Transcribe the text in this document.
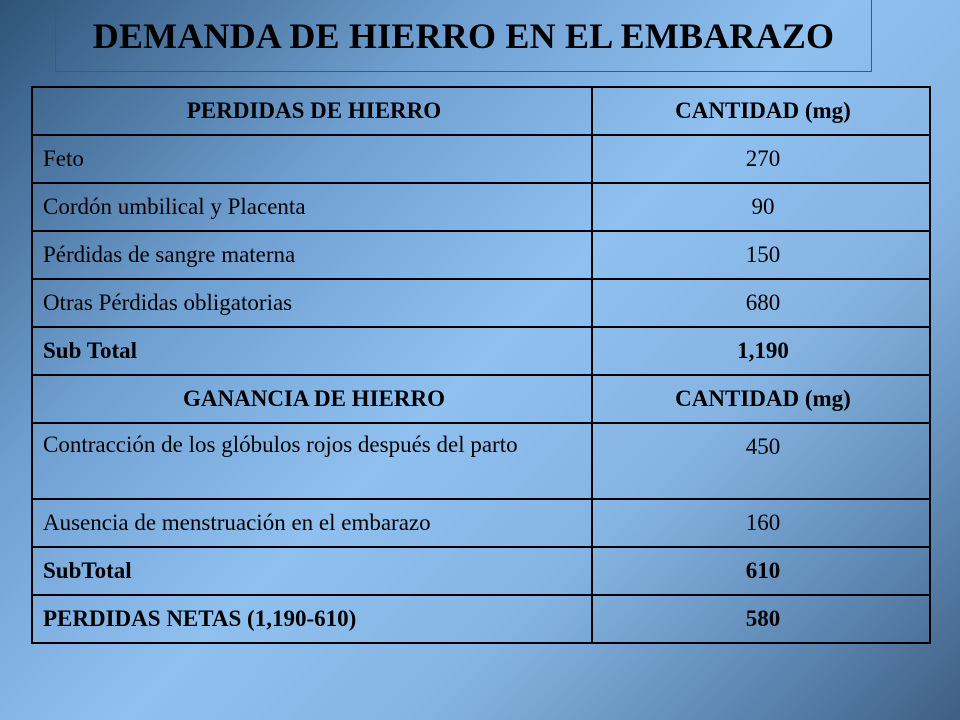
DEMANDA DE HIERRO EN EL EMBARAZO
PERDIDAS DE HIERRO	CANTIDAD (mg)
Feto	270
Cordón umbilical y Placenta	90
Pérdidas de sangre materna	150
Otras Pérdidas obligatorias	680
Sub Total	1,190
GANANCIA DE HIERRO	CANTIDAD (mg)
Contracción de los glóbulos rojos después del parto	450
Ausencia de menstruación en el embarazo	160
SubTotal	610
PERDIDAS NETAS (1,190-610)	580
